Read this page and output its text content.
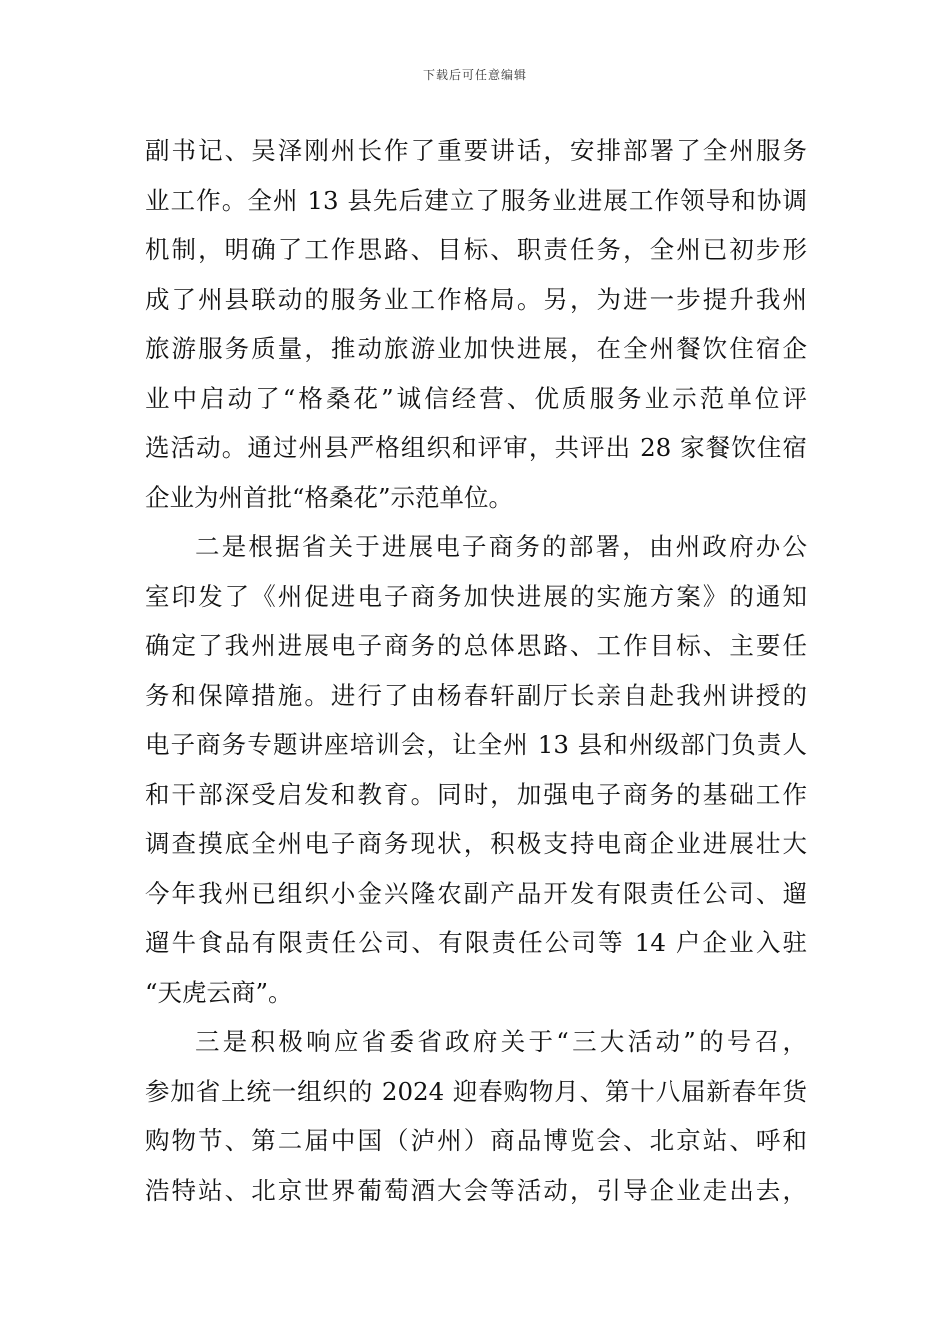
下载后可任意编辑
副书记、吴泽刚州长作了重要讲话，安排部署了全州服务
业工作。全州 13 县先后建立了服务业进展工作领导和协调
机制，明确了工作思路、目标、职责任务，全州已初步形
成了州县联动的服务业工作格局。另，为进一步提升我州
旅游服务质量，推动旅游业加快进展，在全州餐饮住宿企
业中启动了“格桑花”诚信经营、优质服务业示范单位评
选活动。通过州县严格组织和评审，共评出 28 家餐饮住宿
企业为州首批“格桑花”示范单位。
二是根据省关于进展电子商务的部署，由州政府办公
室印发了《州促进电子商务加快进展的实施方案》的通知
确定了我州进展电子商务的总体思路、工作目标、主要任
务和保障措施。进行了由杨春轩副厅长亲自赴我州讲授的
电子商务专题讲座培训会，让全州 13 县和州级部门负责人
和干部深受启发和教育。同时，加强电子商务的基础工作
调查摸底全州电子商务现状，积极支持电商企业进展壮大
今年我州已组织小金兴隆农副产品开发有限责任公司、遛
遛牛食品有限责任公司、有限责任公司等 14 户企业入驻
“天虎云商”。
三是积极响应省委省政府关于“三大活动”的号召，
参加省上统一组织的 2024 迎春购物月、第十八届新春年货
购物节、第二届中国（泸州）商品博览会、北京站、呼和
浩特站、北京世界葡萄酒大会等活动，引导企业走出去，
